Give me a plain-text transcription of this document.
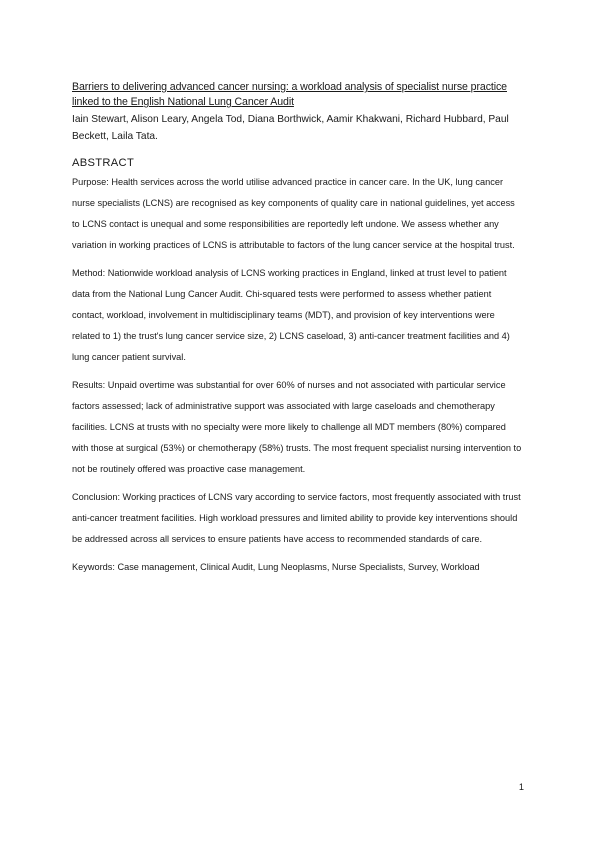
Barriers to delivering advanced cancer nursing: a workload analysis of specialist nurse practice linked to the English National Lung Cancer Audit

Iain Stewart, Alison Leary, Angela Tod, Diana Borthwick, Aamir Khakwani, Richard Hubbard, Paul Beckett, Laila Tata.

ABSTRACT

Purpose: Health services across the world utilise advanced practice in cancer care. In the UK, lung cancer nurse specialists (LCNS) are recognised as key components of quality care in national guidelines, yet access to LCNS contact is unequal and some responsibilities are reportedly left undone. We assess whether any variation in working practices of LCNS is attributable to factors of the lung cancer service at the hospital trust.

Method: Nationwide workload analysis of LCNS working practices in England, linked at trust level to patient data from the National Lung Cancer Audit. Chi-squared tests were performed to assess whether patient contact, workload, involvement in multidisciplinary teams (MDT), and provision of key interventions were related to 1) the trust's lung cancer service size, 2) LCNS caseload, 3) anti-cancer treatment facilities and 4) lung cancer patient survival.

Results: Unpaid overtime was substantial for over 60% of nurses and not associated with particular service factors assessed; lack of administrative support was associated with large caseloads and chemotherapy facilities. LCNS at trusts with no specialty were more likely to challenge all MDT members (80%) compared with those at surgical (53%) or chemotherapy (58%) trusts. The most frequent specialist nursing intervention to not be routinely offered was proactive case management.

Conclusion: Working practices of LCNS vary according to service factors, most frequently associated with trust anti-cancer treatment facilities. High workload pressures and limited ability to provide key interventions should be addressed across all services to ensure patients have access to recommended standards of care.

Keywords: Case management, Clinical Audit, Lung Neoplasms, Nurse Specialists, Survey, Workload

1
